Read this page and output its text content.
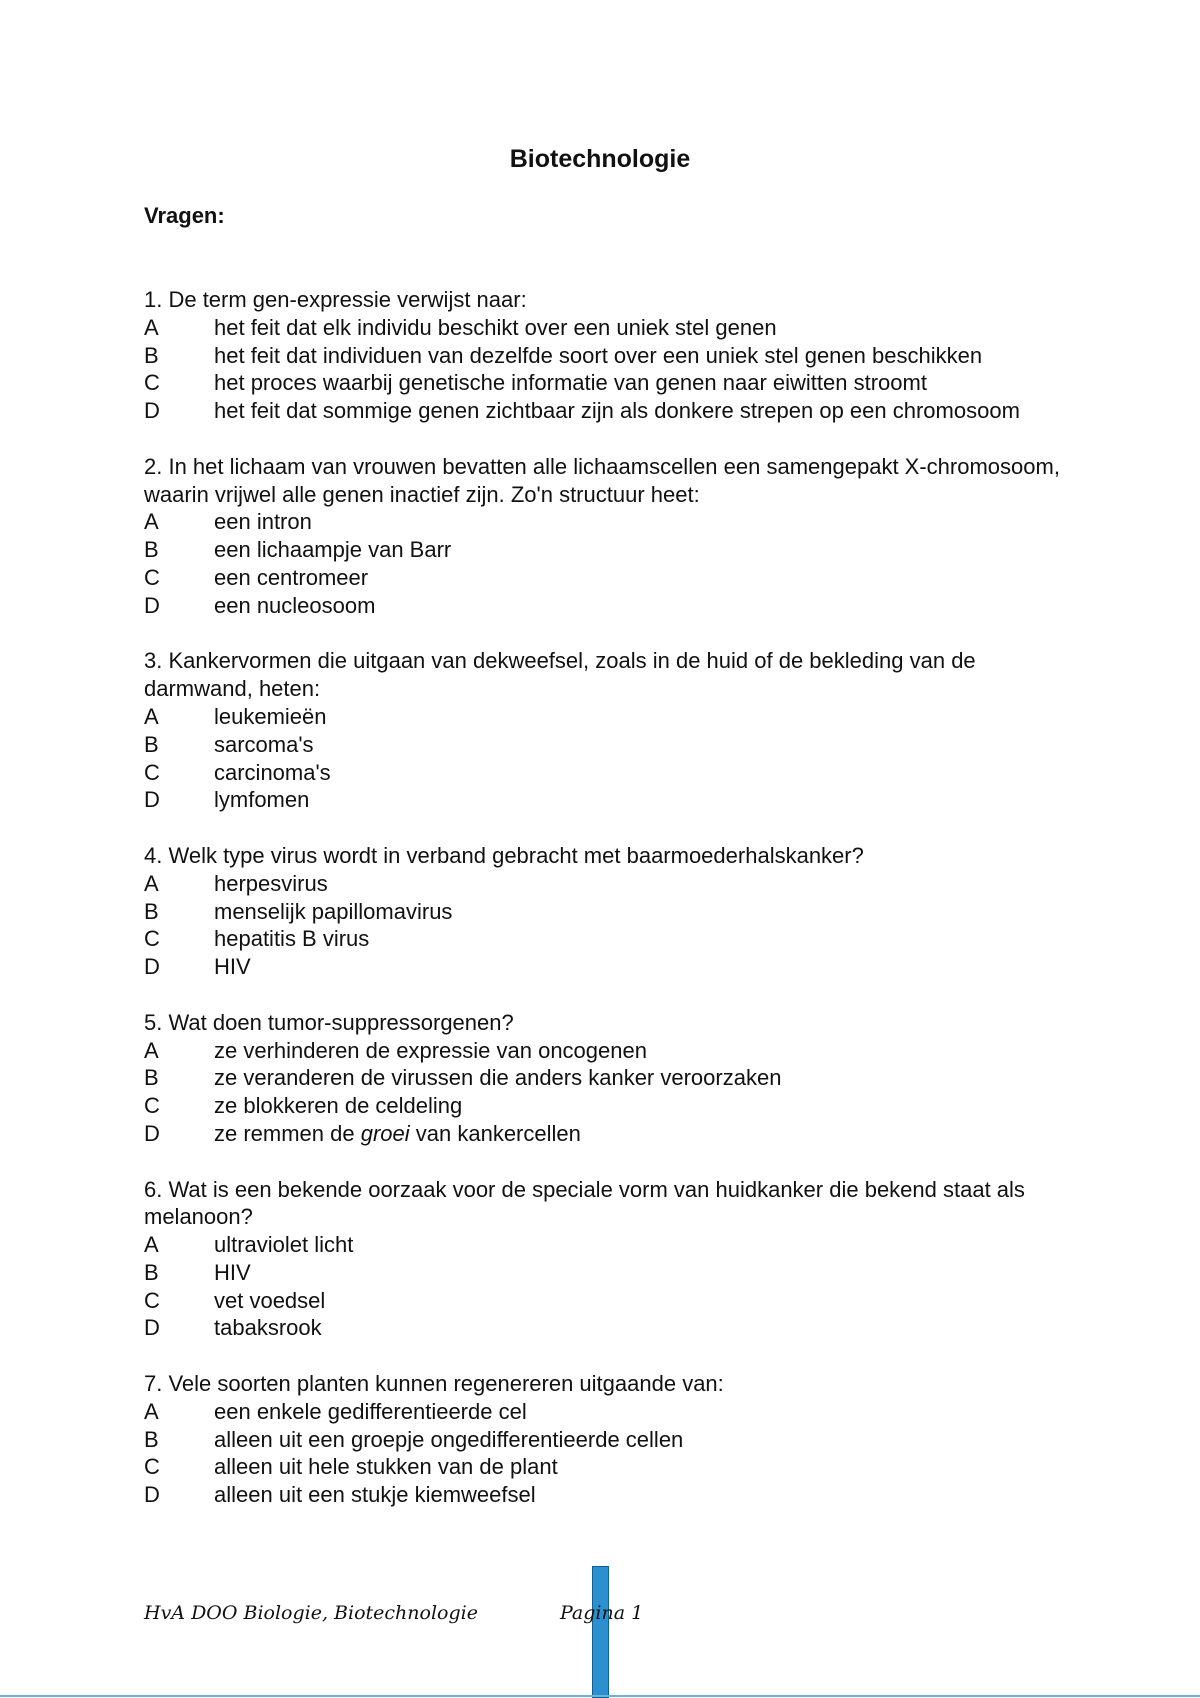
Biotechnologie
Vragen:

1. De term gen-expressie verwijst naar:

A	het feit dat elk individu beschikt over een uniek stel genen
B	het feit dat individuen van dezelfde soort over een uniek stel genen beschikken
C	het proces waarbij genetische informatie van genen naar eiwitten stroomt
D	het feit dat sommige genen zichtbaar zijn als donkere strepen op een chromosoom

2. In het lichaam van vrouwen bevatten alle lichaamscellen een samengepakt X-chromosoom, waarin vrijwel alle genen inactief zijn. Zo'n structuur heet:

A	een intron
B	een lichaampje van Barr
C	een centromeer
D	een nucleosoom

3. Kankervormen die uitgaan van dekweefsel, zoals in de huid of de bekleding van de darmwand, heten:

A	leukemieën
B	sarcoma's
C	carcinoma's
D	lymfomen

4. Welk type virus wordt in verband gebracht met baarmoederhalskanker?

A	herpesvirus
B	menselijk papillomavirus
C	hepatitis B virus
D	HIV

5. Wat doen tumor-suppressorgenen?

A	ze verhinderen de expressie van oncogenen
B	ze veranderen de virussen die anders kanker veroorzaken
C	ze blokkeren de celdeling
D	ze remmen de groei van kankercellen

6. Wat is een bekende oorzaak voor de speciale vorm van huidkanker die bekend staat als melanoon?

A	ultraviolet licht
B	HIV
C	vet voedsel
D	tabaksrook

7. Vele soorten planten kunnen regenereren uitgaande van:

A	een enkele gedifferentieerde cel
B	alleen uit een groepje ongedifferentieerde cellen
C	alleen uit hele stukken van de plant
D	alleen uit een stukje kiemweefsel
HvA DOO Biologie, Biotechnologie	Pagina 1
